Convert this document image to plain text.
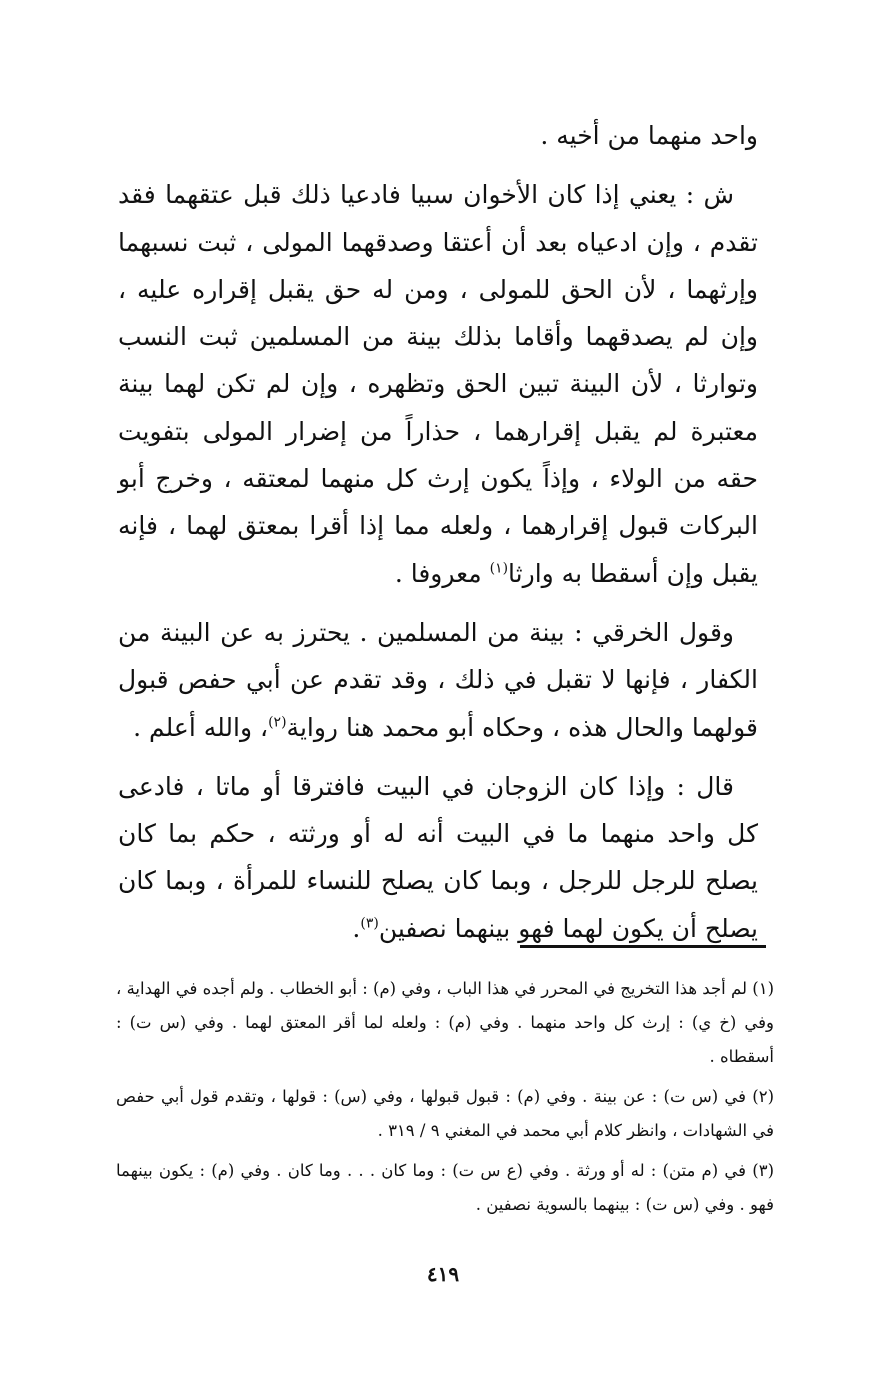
واحد منهما من أخيه .

ش : يعني إذا كان الأخوان سبيا فادعيا ذلك قبل عتقهما فقد تقدم ، وإن ادعياه بعد أن أعتقا وصدقهما المولى ، ثبت نسبهما وإرثهما ، لأن الحق للمولى ، ومن له حق يقبل إقراره عليه ، وإن لم يصدقهما وأقاما بذلك بينة من المسلمين ثبت النسب وتوارثا ، لأن البينة تبين الحق وتظهره ، وإن لم تكن لهما بينة معتبرة لم يقبل إقرارهما ، حذاراً من إضرار المولى بتفويت حقه من الولاء ، وإذاً يكون إرث كل منهما لمعتقه ، وخرج أبو البركات قبول إقرارهما ، ولعله مما إذا أقرا بمعتق لهما ، فإنه يقبل وإن أسقطا به وارثا$^{(١)}$ معروفا .

وقول الخرقي : بينة من المسلمين . يحترز به عن البينة من الكفار ، فإنها لا تقبل في ذلك ، وقد تقدم عن أبي حفص قبول قولهما والحال هذه ، وحكاه أبو محمد هنا رواية$^{(٢)}$، والله أعلم .

قال : وإذا كان الزوجان في البيت فافترقا أو ماتا ، فادعى كل واحد منهما ما في البيت أنه له أو ورثته ، حكم بما كان يصلح للرجل للرجل ، وبما كان يصلح للنساء للمرأة ، وبما كان يصلح أن يكون لهما فهو بينهما نصفين$^{(٣)}$.

(١) لم أجد هذا التخريج في المحرر في هذا الباب ، وفي (م) : أبو الخطاب . ولم أجده في الهداية ، وفي (خ ي) : إرث كل واحد منهما . وفي (م) : ولعله لما أقر المعتق لهما . وفي (س ت) : أسقطاه .

(٢) في (س ت) : عن بينة . وفي (م) : قبول قبولها ، وفي (س) : قولها ، وتقدم قول أبي حفص في الشهادات ، وانظر كلام أبي محمد في المغني ٩ / ٣١٩ .

(٣) في (م متن) : له أو ورثة . وفي (ع س ت) : وما كان . . . وما كان . وفي (م) : يكون بينهما فهو . وفي (س ت) : بينهما بالسوية نصفين .

٤١٩
